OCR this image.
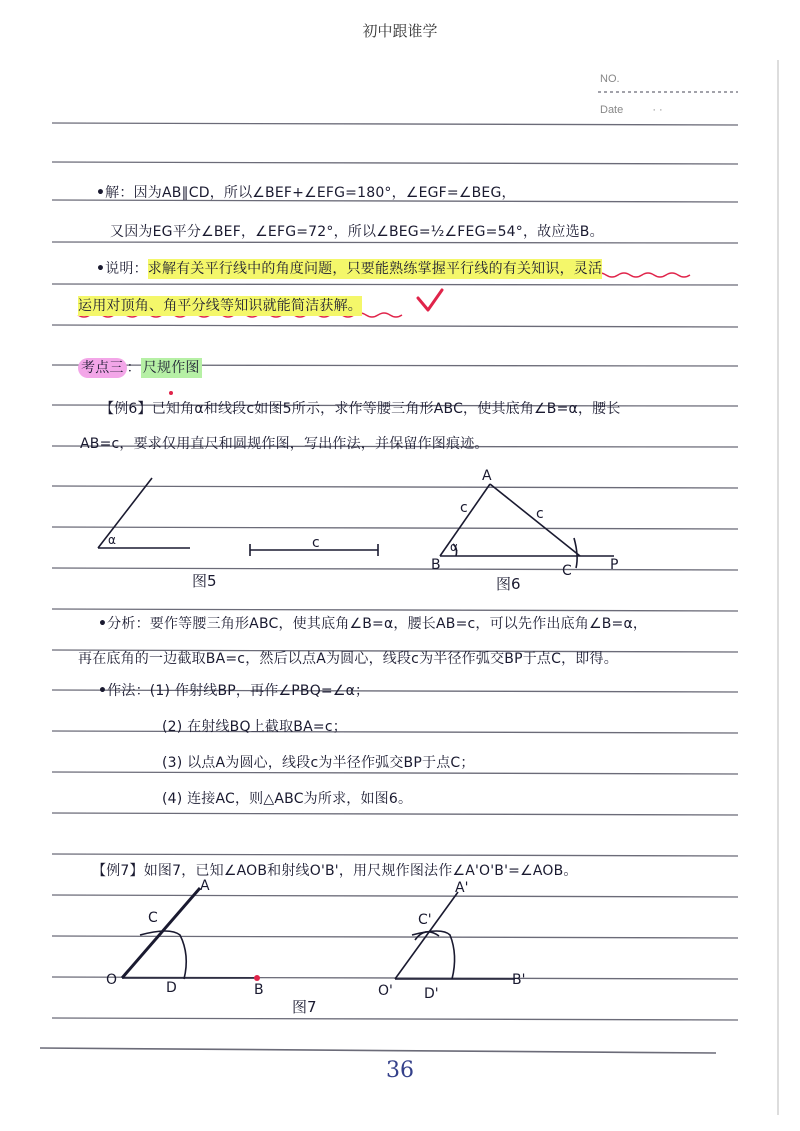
初中跟谁学
NO.
Date	· ·
•解：因为AB∥CD，所以∠BEF+∠EFG=180°，∠EGF=∠BEG，
又因为EG平分∠BEF，∠EFG=72°，所以∠BEG=½∠FEG=54°，故应选B。
•说明：求解有关平行线中的角度问题，只要能熟练掌握平行线的有关知识，灵活
运用对顶角、角平分线等知识就能简洁获解。
考点三 ： 尺规作图
【例6】已知角α和线段c如图5所示，求作等腰三角形ABC，使其底角∠B=α，腰长
AB=c，要求仅用直尺和圆规作图，写出作法，并保留作图痕迹。
α	c
图5
A
B	C	P
c	c
α
图6
•分析：要作等腰三角形ABC，使其底角∠B=α，腰长AB=c，可以先作出底角∠B=α，
再在底角的一边截取BA=c，然后以点A为圆心，线段c为半径作弧交BP于点C，即得。
•作法：(1) 作射线BP，再作∠PBQ=∠α；
(2) 在射线BQ上截取BA=c；
(3) 以点A为圆心，线段c为半径作弧交BP于点C；
(4) 连接AC，则△ABC为所求，如图6。
【例7】如图7，已知∠AOB和射线O'B'，用尺规作图法作∠A'O'B'=∠AOB。
A
C
O	D	B
A'
C'
O' D'
B'
图7
36
